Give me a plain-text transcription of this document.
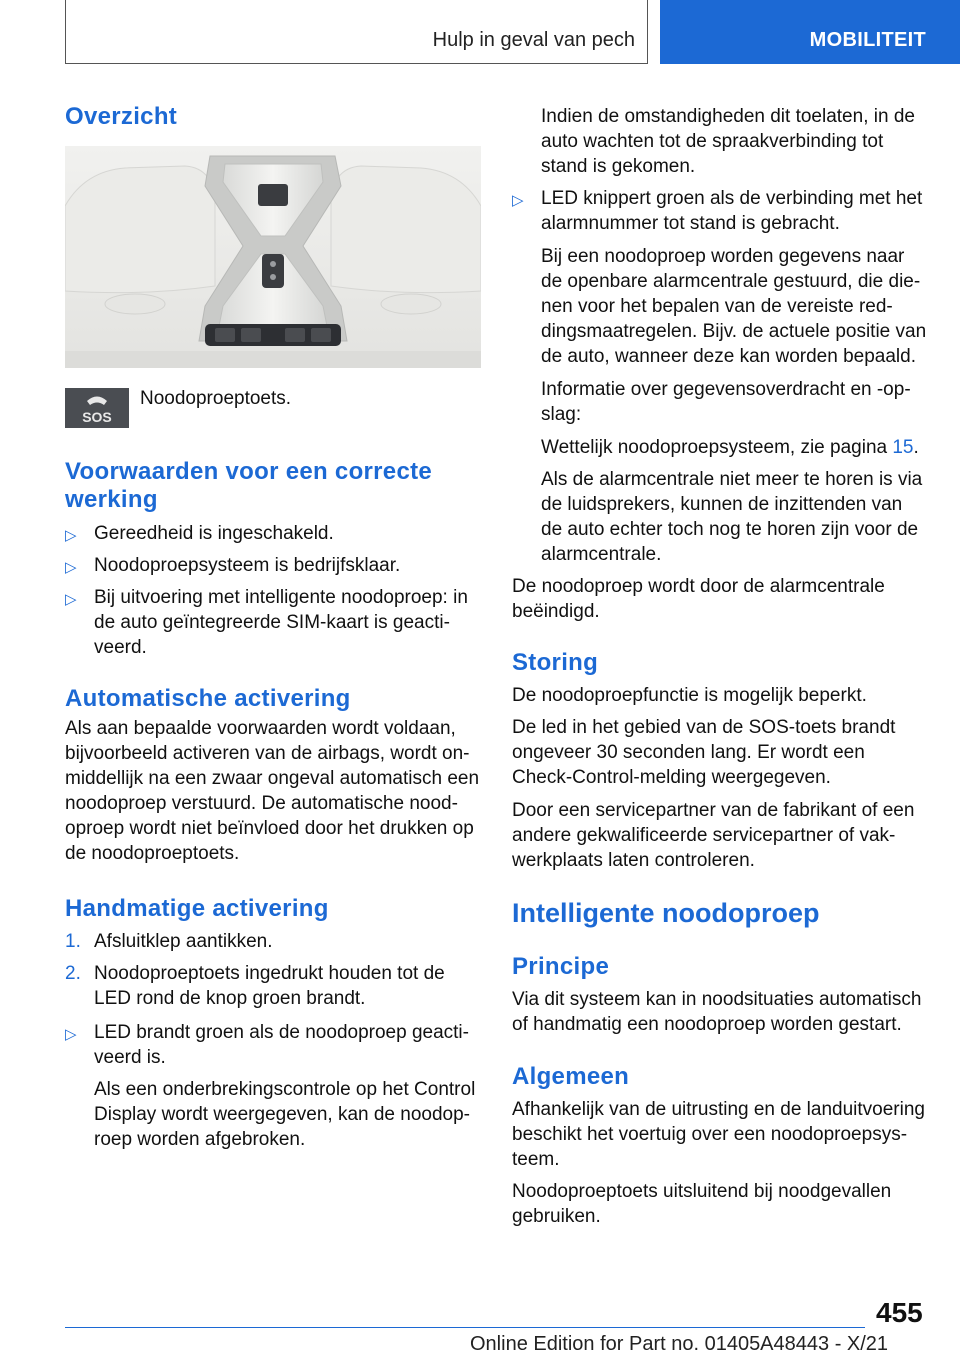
Hulp in geval van pech	MOBILITEIT
Overzicht
SOS
Noodoproeptoets.
Voorwaarden voor een correcte
werking
▷ Gereedheid is ingeschakeld.
▷ Noodoproepsysteem is bedrijfsklaar.
▷ Bij uitvoering met intelligente noodoproep: in
de auto geïntegreerde SIM-kaart is geacti-
veerd.
Automatische activering
Als aan bepaalde voorwaarden wordt voldaan,
bijvoorbeeld activeren van de airbags, wordt on-
middellijk na een zwaar ongeval automatisch een
noodoproep verstuurd. De automatische nood-
oproep wordt niet beïnvloed door het drukken op
de noodoproeptoets.
Handmatige activering
1. Afsluitklep aantikken.
2. Noodoproeptoets ingedrukt houden tot de
LED rond de knop groen brandt.
▷ LED brandt groen als de noodoproep geacti-
veerd is.
Als een onderbrekingscontrole op het Control
Display wordt weergegeven, kan de noodop-
roep worden afgebroken.
Indien de omstandigheden dit toelaten, in de
auto wachten tot de spraakverbinding tot
stand is gekomen.
▷ LED knippert groen als de verbinding met het
alarmnummer tot stand is gebracht.
Bij een noodoproep worden gegevens naar
de openbare alarmcentrale gestuurd, die die-
nen voor het bepalen van de vereiste red-
dingsmaatregelen. Bijv. de actuele positie van
de auto, wanneer deze kan worden bepaald.
Informatie over gegevensoverdracht en -op-
slag:
Wettelijk noodoproepsysteem, zie pagina 15.
Als de alarmcentrale niet meer te horen is via
de luidsprekers, kunnen de inzittenden van
de auto echter toch nog te horen zijn voor de
alarmcentrale.
De noodoproep wordt door de alarmcentrale
beëindigd.
Storing
De noodoproepfunctie is mogelijk beperkt.
De led in het gebied van de SOS-toets brandt
ongeveer 30 seconden lang. Er wordt een
Check-Control-melding weergegeven.
Door een servicepartner van de fabrikant of een
andere gekwalificeerde servicepartner of vak-
werkplaats laten controleren.
Intelligente noodoproep
Principe
Via dit systeem kan in noodsituaties automatisch
of handmatig een noodoproep worden gestart.
Algemeen
Afhankelijk van de uitrusting en de landuitvoering
beschikt het voertuig over een noodoproepsys-
teem.
Noodoproeptoets uitsluitend bij noodgevallen
gebruiken.
455
Online Edition for Part no. 01405A48443 - X/21
